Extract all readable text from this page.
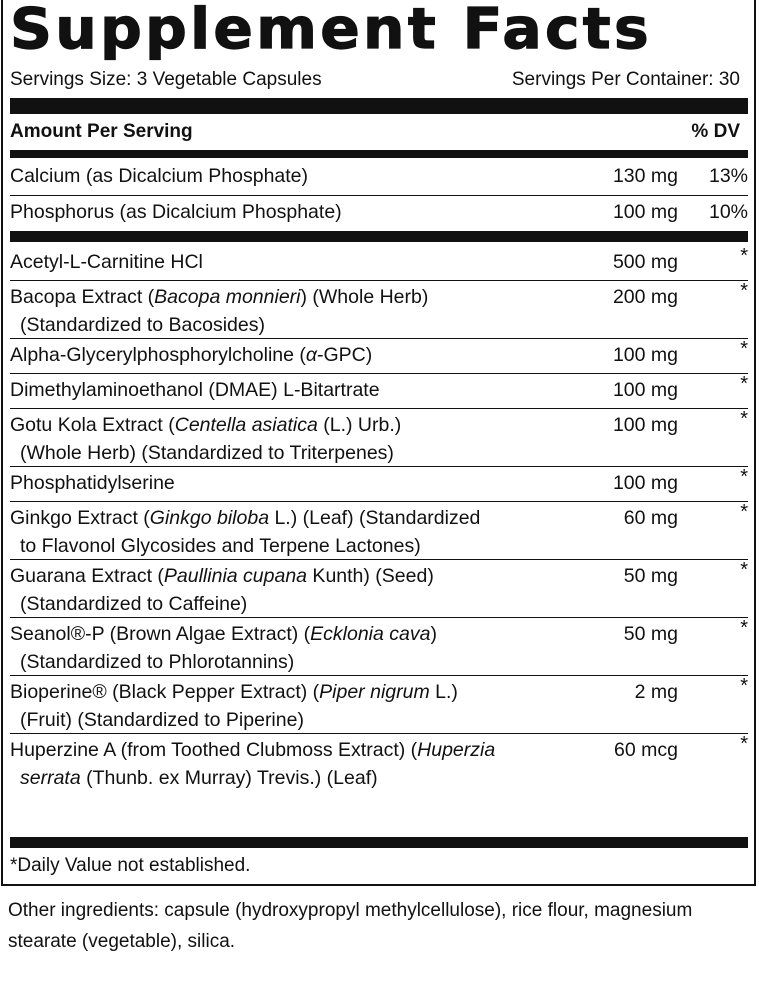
Supplement Facts
Servings Size: 3 Vegetable Capsules	Servings Per Container: 30
Amount Per Serving	% DV
Calcium (as Dicalcium Phosphate)	130 mg 13%
Phosphorus (as Dicalcium Phosphate)	100 mg 10%
Acetyl-L-Carnitine HCl	500 mg	*
Bacopa Extract (Bacopa monnieri) (Whole Herb)
(Standardized to Bacosides)
200 mg	*
Alpha-Glycerylphosphorylcholine (α-GPC)	100 mg	*
Dimethylaminoethanol (DMAE) L-Bitartrate	100 mg	*
Gotu Kola Extract (Centella asiatica (L.) Urb.)
(Whole Herb) (Standardized to Triterpenes)
100 mg	*
Phosphatidylserine	100 mg	*
Ginkgo Extract (Ginkgo biloba L.) (Leaf) (Standardized
to Flavonol Glycosides and Terpene Lactones)
60 mg	*
Guarana Extract (Paullinia cupana Kunth) (Seed)
(Standardized to Caffeine)
50 mg	*
Seanol®-P (Brown Algae Extract) (Ecklonia cava)
(Standardized to Phlorotannins)
50 mg	*
Bioperine® (Black Pepper Extract) (Piper nigrum L.)
(Fruit) (Standardized to Piperine)
2 mg	*
Huperzine A (from Toothed Clubmoss Extract) (Huperzia
serrata (Thunb. ex Murray) Trevis.) (Leaf)
60 mcg	*
*Daily Value not established.
Other ingredients: capsule (hydroxypropyl methylcellulose), rice flour, magnesium stearate (vegetable), silica.
